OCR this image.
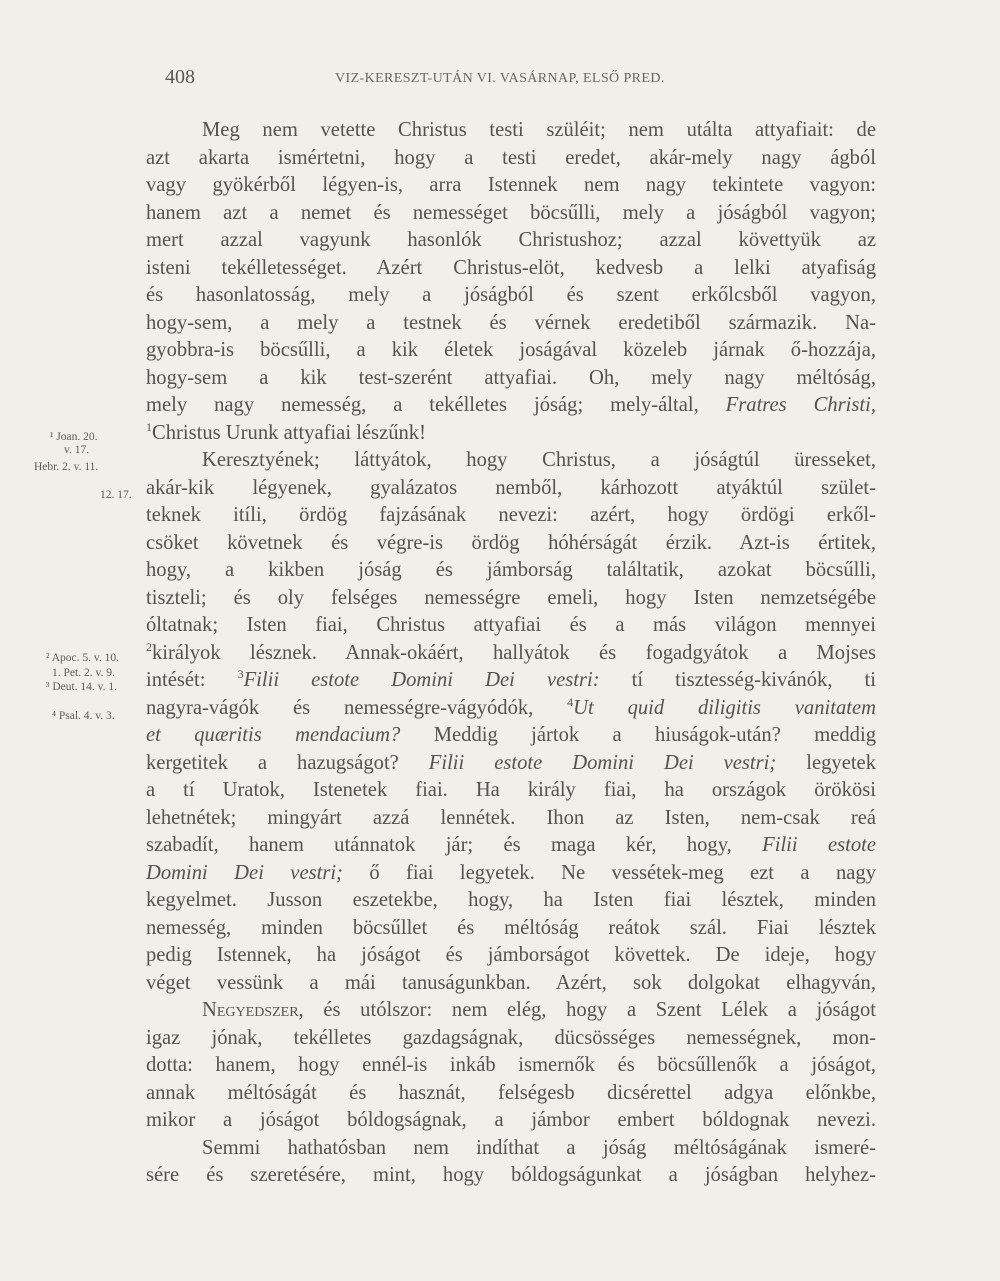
408	VIZ-KERESZT-UTÁN VI. VASÁRNAP, ELSŐ PRED.
¹ Joan. 20.
v. 17.
Hebr. 2. v. 11.
12. 17.
² Apoc. 5. v. 10.
1. Pet. 2. v. 9.
³ Deut. 14. v. 1.
⁴ Psal. 4. v. 3.
Meg nem vetette Christus testi szüléit; nem utálta attyafiait: de
azt akarta ismértetni, hogy a testi eredet, akár-mely nagy ágból
vagy gyökérből légyen-is, arra Istennek nem nagy tekintete vagyon:
hanem azt a nemet és nemességet böcsűlli, mely a jóságból vagyon;
mert azzal vagyunk hasonlók Christushoz; azzal követtyük az
isteni tekélletességet. Azért Christus-elöt, kedvesb a lelki atyafiság
és hasonlatosság, mely a jóságból és szent erkőlcsből vagyon,
hogy-sem, a mely a testnek és vérnek eredetiből származik. Na-
gyobbra-is böcsűlli, a kik életek joságával közeleb járnak ő-hozzája,
hogy-sem a kik test-szerént attyafiai. Oh, mely nagy méltóság,
mely nagy nemesség, a tekélletes jóság; mely-által, Fratres Christi,
$^1$Christus Urunk attyafiai lészűnk!
Keresztyének; láttyátok, hogy Christus, a jóságtúl üresseket,
akár-kik légyenek, gyalázatos nemből, kárhozott atyáktúl szület-
teknek itíli, ördög fajzásának nevezi: azért, hogy ördögi erkől-
csöket követnek és végre-is ördög hóhérságát érzik. Azt-is értitek,
hogy, a kikben jóság és jámborság találtatik, azokat böcsűlli,
tiszteli; és oly felséges nemességre emeli, hogy Isten nemzetségébe
óltatnak; Isten fiai, Christus attyafiai és a más világon mennyei
$^2$királyok lésznek. Annak-okáért, hallyátok és fogadgyátok a Mojses
intését:	$^3$Filii estote Domini Dei vestri: tí tisztesség-kivánók, ti
nagyra-vágók és nemességre-vágyódók,	$^4$Ut quid diligitis vanitatem
et quæritis mendacium? Meddig jártok a hiuságok-után? meddig
kergetitek a hazugságot? Filii estote Domini Dei vestri; legyetek
a tí Uratok, Istenetek fiai. Ha király fiai, ha országok örökösi
lehetnétek; mingyárt azzá lennétek. Ihon az Isten, nem-csak reá
szabadít, hanem utánnatok jár; és maga kér, hogy, Filii estote
Domini Dei vestri; ő fiai legyetek. Ne vessétek-meg ezt a nagy
kegyelmet. Jusson eszetekbe, hogy, ha Isten fiai lésztek, minden
nemesség, minden böcsűllet és méltóság reátok szál. Fiai lésztek
pedig Istennek, ha jóságot és jámborságot követtek. De ideje, hogy
véget vessünk a mái tanuságunkban. Azért, sok dolgokat elhagyván,
Negyedszer, és utólszor: nem elég, hogy a Szent Lélek a jóságot
igaz jónak, tekélletes gazdagságnak, dücsösséges nemességnek, mon-
dotta: hanem, hogy ennél-is inkáb ismernők és böcsűllenők a jóságot,
annak méltóságát és hasznát, felségesb dicsérettel adgya előnkbe,
mikor a jóságot bóldogságnak, a jámbor embert bóldognak nevezi.
Semmi hathatósban nem indíthat a jóság méltóságának ismeré-
sére és szeretésére, mint, hogy bóldogságunkat a jóságban helyhez-
